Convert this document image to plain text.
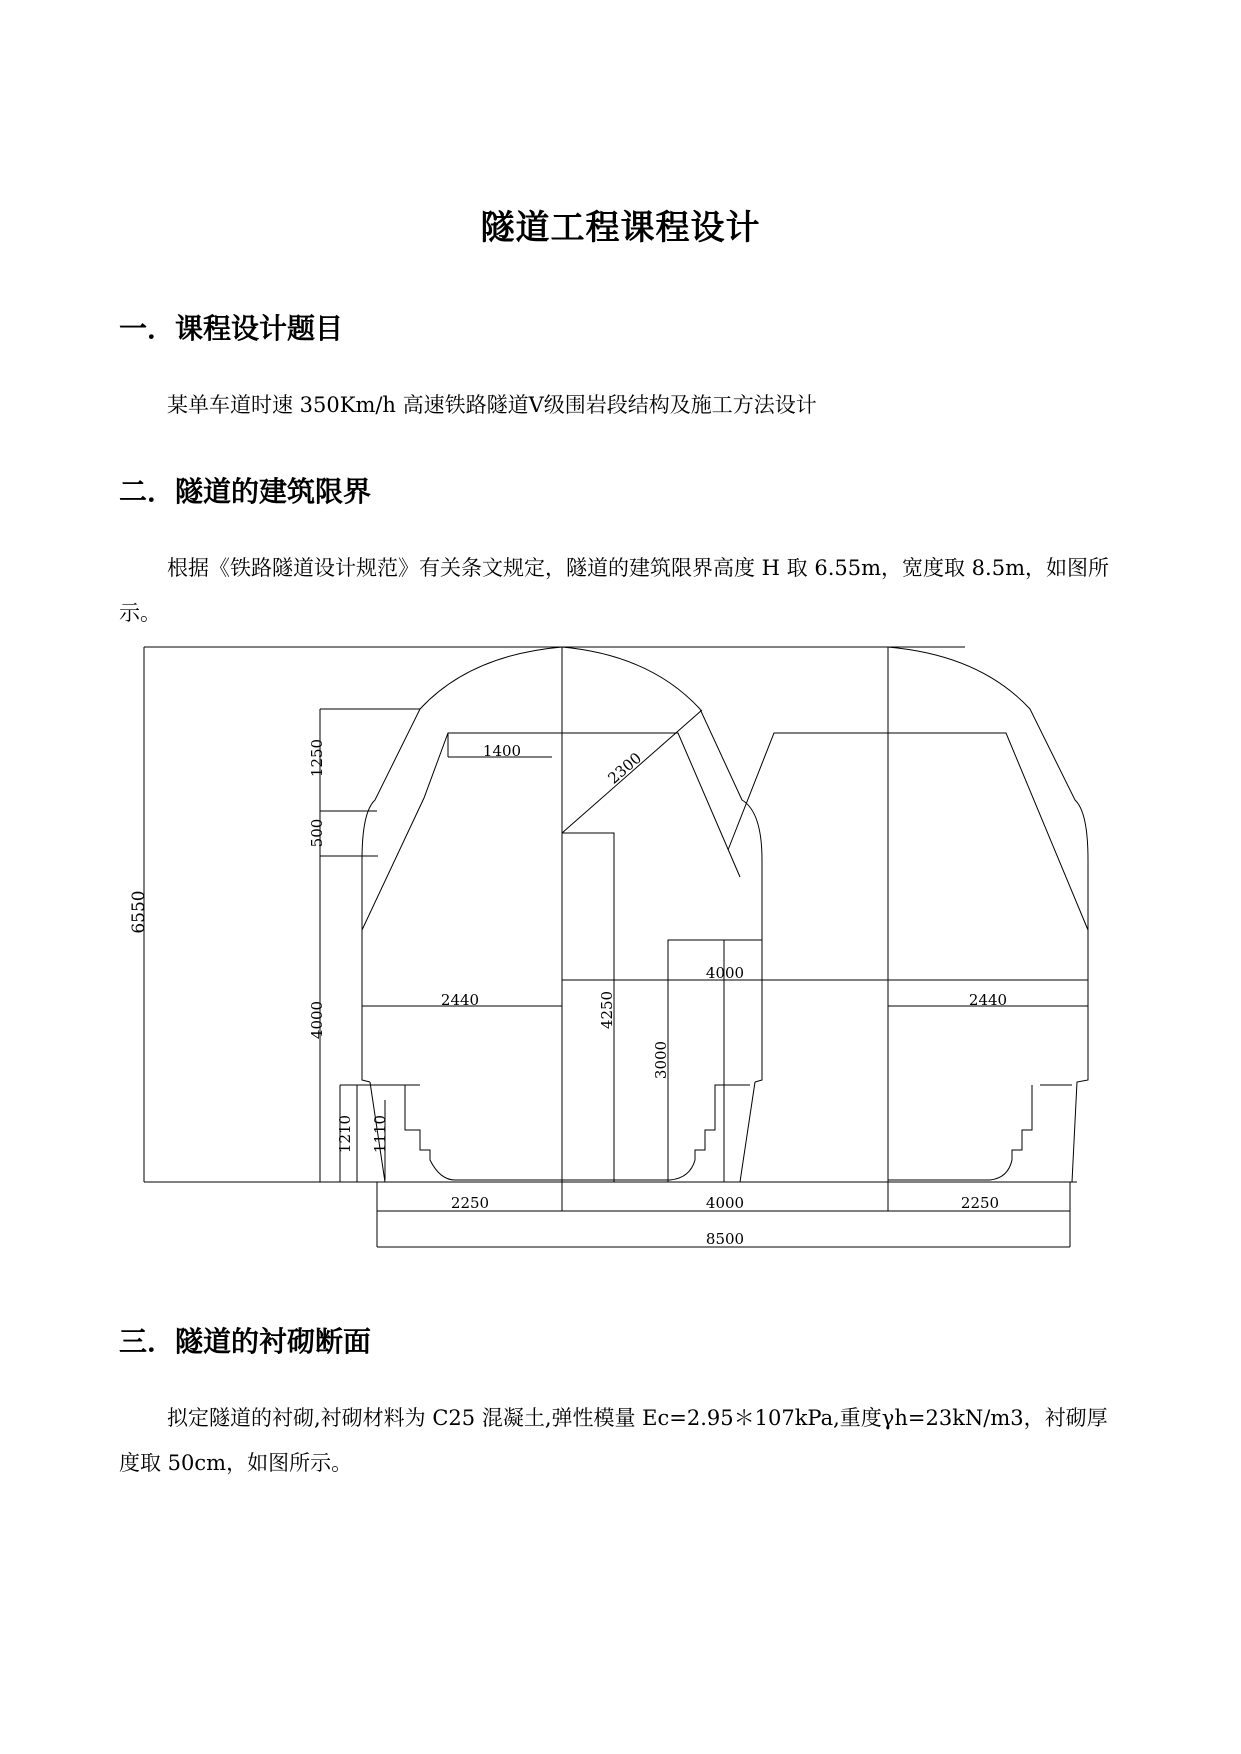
隧道工程课程设计
一．课程设计题目
某单车道时速 350Km/h 高速铁路隧道Ⅴ级围岩段结构及施工方法设计
二．隧道的建筑限界
根据《铁路隧道设计规范》有关条文规定，隧道的建筑限界高度 H 取 6.55m，宽度取 8.5m，如图所示。
6550
1250
500
4000
1210 1110
1400	2300
2440	4250
3000
4000
2440
2250	4000	2250
8500
三．隧道的衬砌断面
拟定隧道的衬砌,衬砌材料为 C25 混凝土,弹性模量 Ec=2.95＊107kPa,重度γh=23kN/m3，衬砌厚度取 50cm，如图所示。
